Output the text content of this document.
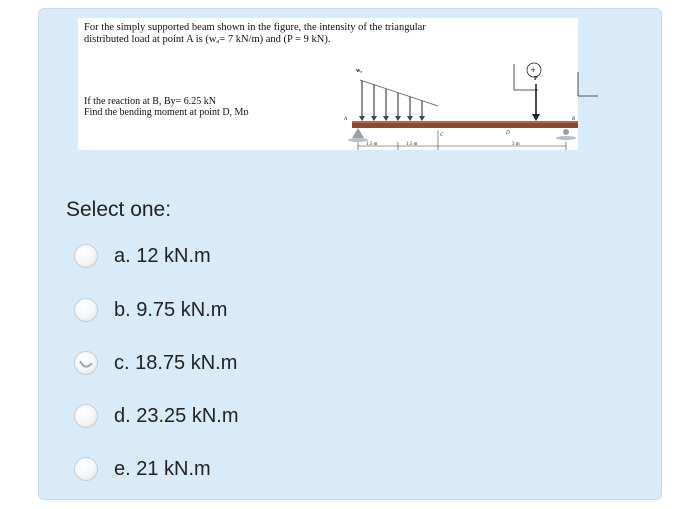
For the simply supported beam shown in the figure, the intensity of the triangular
distributed load at point A is (wₐ= 7 kN/m) and (P = 9 kN).
If the reaction at B, By= 6.25 kN
Find the bending moment at point D, Mᴅ
wₐ
P
A	B
C	D
1.5 m	1.5 m	3 m
+
Select one:
a. 12 kN.m
b. 9.75 kN.m
c. 18.75 kN.m
d. 23.25 kN.m
e. 21 kN.m
